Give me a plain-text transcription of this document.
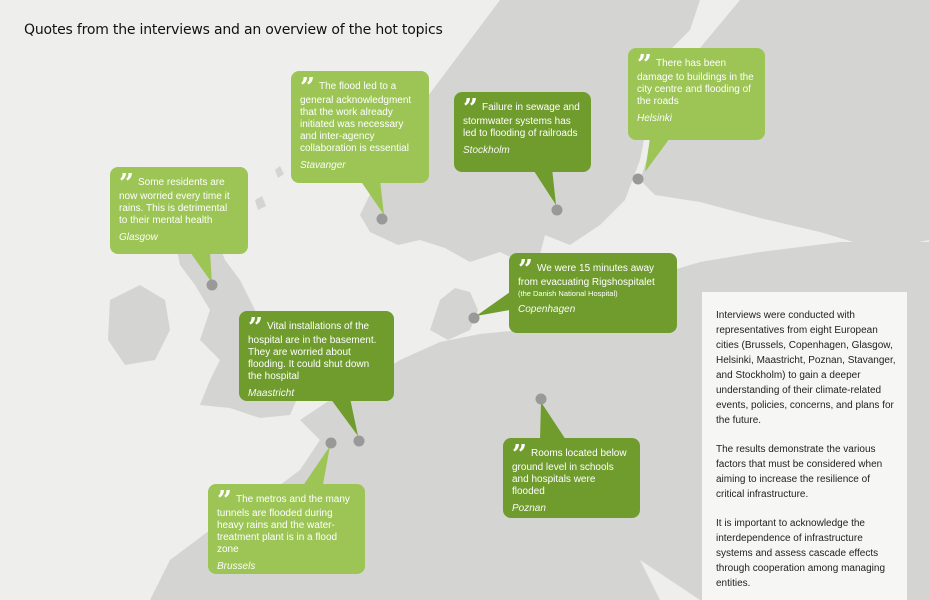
Quotes from the interviews and an overview of the hot topics
” The flood led to a general acknowledgment that the work already initiated was necessary and inter-agency collaboration is essential
Stavanger
” Failure in sewage and stormwater systems has led to flooding of railroads
Stockholm
” There has been damage to buildings in the city centre and flooding of the roads
Helsinki
” Some residents are now worried every time it rains. This is detrimental to their mental health
Glasgow
” We were 15 minutes away from evacuating Rigshospitalet
(the Danish National Hospital)
Copenhagen
” Vital installations of the hospital are in the basement. They are worried about flooding. It could shut down the hospital
Maastricht
” Rooms located below ground level in schools and hospitals were flooded
Poznan
” The metros and the many tunnels are flooded during heavy rains and the water-treatment plant is in a flood zone
Brussels

Interviews were conducted with representatives from eight European cities (Brussels, Copenhagen, Glasgow, Helsinki, Maastricht, Poznan, Stavanger, and Stockholm) to gain a deeper understanding of their climate-related events, policies, concerns, and plans for the future.

The results demonstrate the various factors that must be considered when aiming to increase the resilience of critical infrastructure.

It is important to acknowledge the interdependence of infrastructure systems and assess cascade effects through cooperation among managing entities.
